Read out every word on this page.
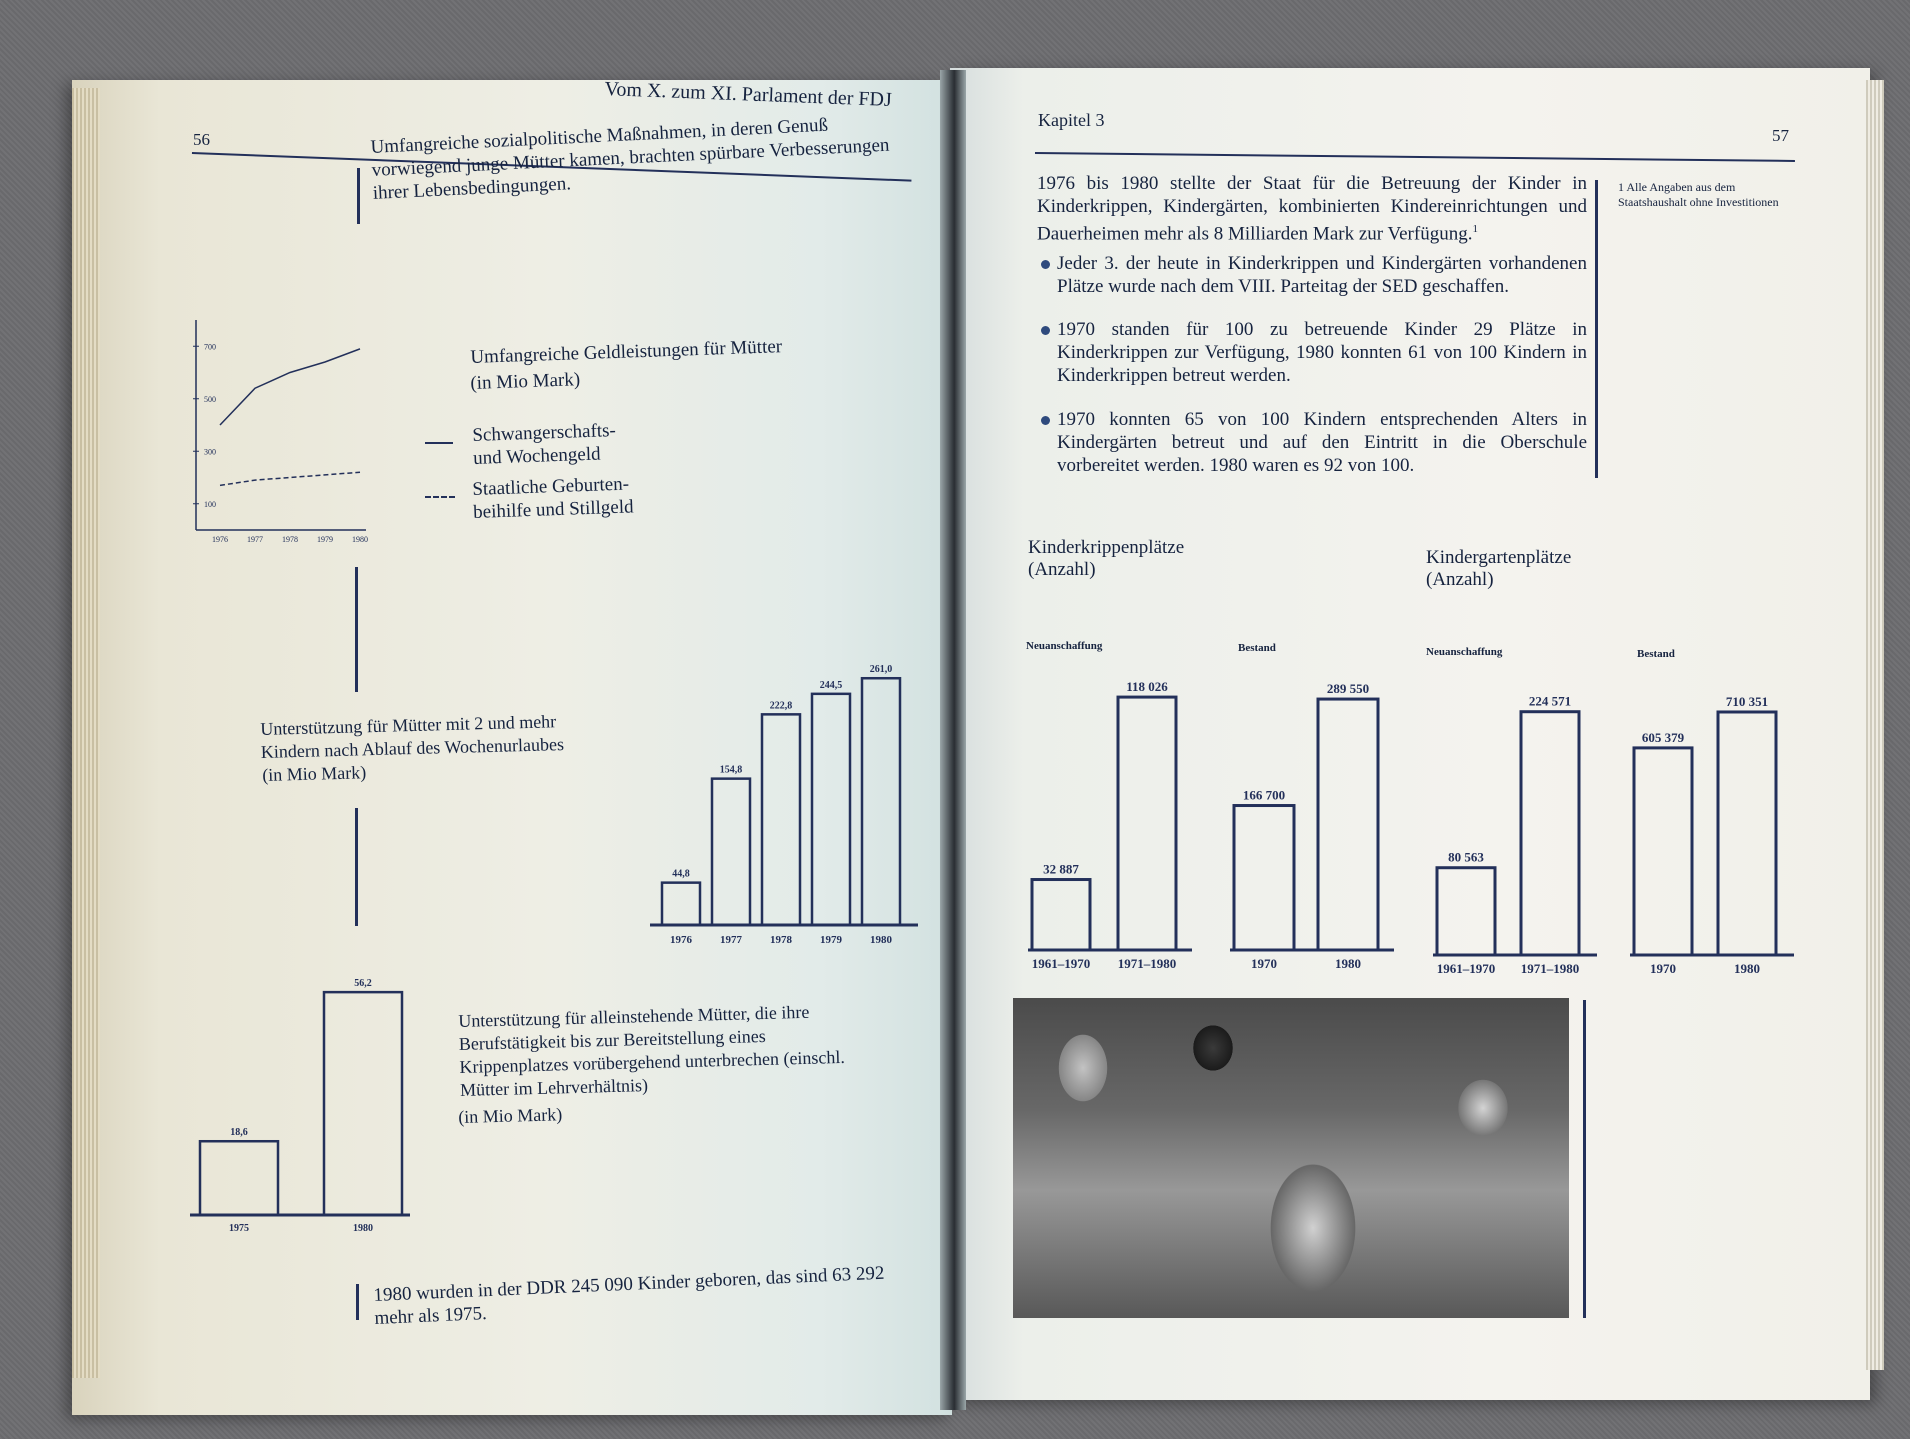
Vom X. zum XI. Parlament der FDJ
56	Umfangreiche sozialpolitische Maßnahmen, in deren Genuß vorwiegend junge Mütter kamen, brachten spürbare Verbesserungen ihrer Lebensbedingungen.
100
300
500
700
1976 1977 1978 1979 1980
Umfangreiche Geldleistungen für Mütter
(in Mio Mark)
Schwangerschafts- und Wochengeld
Staatliche Geburten- beihilfe und Stillgeld
44,8
1976
154,8
1977
222,8
1978
244,5
1979
261,0
1980
Unterstützung für Mütter mit 2 und mehr Kindern nach Ablauf des Wochenurlaubes
(in Mio Mark)
18,6
1975
56,2
1980
Unterstützung für alleinstehende Mütter, die ihre Berufstätigkeit bis zur Bereitstellung eines Krippenplatzes vorübergehend unterbrechen (einschl. Mütter im Lehrverhältnis)
(in Mio Mark)
1980 wurden in der DDR 245 090 Kinder geboren, das sind 63 292 mehr als 1975.
Kapitel 3
57
1976 bis 1980 stellte der Staat für die Betreuung der Kinder in Kinderkrippen, Kindergärten, kombinierten Kindereinrichtungen und Dauerheimen mehr als 8 Milliarden Mark zur Verfügung.$^1$
Jeder 3. der heute in Kinderkrippen und Kindergärten vorhandenen Plätze wurde nach dem VIII. Parteitag der SED geschaffen.
1970 standen für 100 zu betreuende Kinder 29 Plätze in Kinderkrippen zur Verfügung, 1980 konnten 61 von 100 Kindern in Kinderkrippen betreut werden.
1970 konnten 65 von 100 Kindern entsprechenden Alters in Kindergärten betreut und auf den Eintritt in die Oberschule vorbereitet werden. 1980 waren es 92 von 100.
1 Alle Angaben aus dem Staatshaushalt ohne Investitionen
Kinderkrippenplätze
(Anzahl)
Kindergartenplätze
(Anzahl)
Neuanschaffung	Bestand	Neuanschaffung	Bestand
32 887
1961–1970
118 026
1971–1980
166 700
1970
289 550
1980
80 563
1961–1970
224 571
1971–1980
605 379
1970
710 351
1980
